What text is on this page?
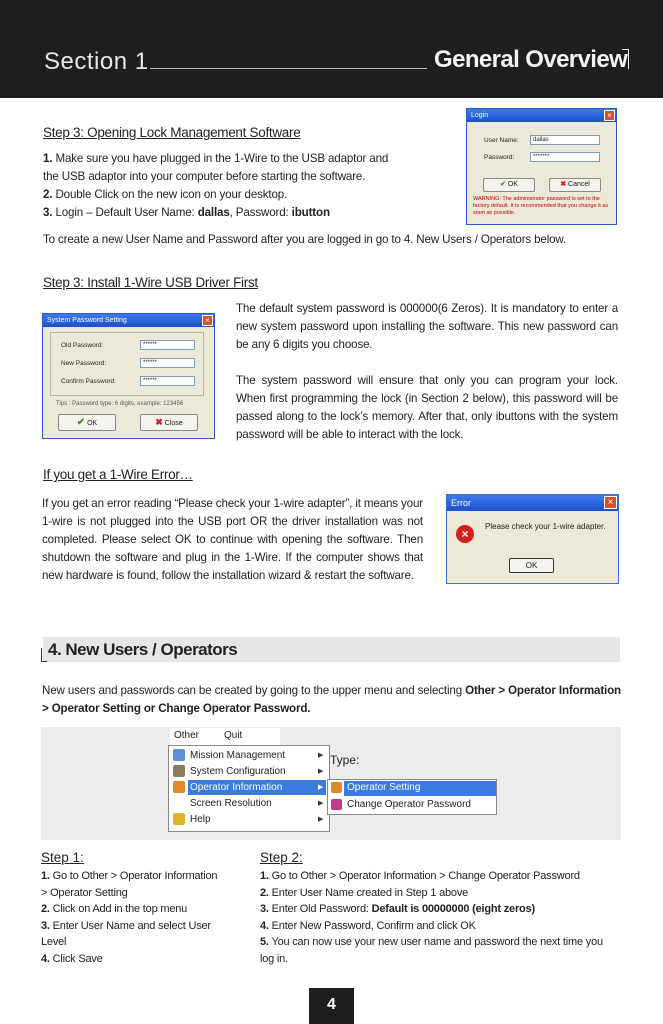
Section 1	General Overview
Step 3: Opening Lock Management Software
1. Make sure you have plugged in the 1-Wire to the USB adaptor and
the USB adaptor into your computer before starting the software.
2. Double Click on the new icon on your desktop.
3. Login – Default User Name: dallas, Password: ibutton
To create a new User Name and Password after you are logged in go to 4. New Users / Operators below.
Login	×
User Name:	dallas
Password:	*******
✔ OK	✖ Cancel
WARNING: The administrator password is set to the factory default. It is recommended that you change it as soon as possible.
Step 3: Install 1-Wire USB Driver First
The default system password is 000000(6 Zeros). It is mandatory to enter a new system password upon installing the software. This new password can be any 6 digits you choose.
The system password will ensure that only you can program your lock. When first programming the lock (in Section 2 below), this password will be passed along to the lock’s memory. After that, only ibuttons with the system password will be able to interact with the lock.
System Password Setting	×
Old Password:	******
New Password:	******
Confirm Password:	******
Tips : Password type: 6 digits, example: 123456
✔ OK	✖ Close
If you get a 1-Wire Error…
If you get an error reading “Please check your 1-wire adapter”, it means your 1-wire is not plugged into the USB port OR the driver installation was not completed. Please select OK to continue with opening the software. Then shutdown the software and plug in the 1-Wire. If the computer shows that new hardware is found, follow the installation wizard & restart the software.
Error	×
×
Please check your 1-wire adapter.
OK
4. New Users / Operators
New users and passwords can be created by going to the upper menu and selecting Other > Operator Information > Operator Setting or Change Operator Password.
Other Quit
Type:
Mission Management	▶
System Configuration	▶
Operator Information	▶
Screen Resolution	▶
Help	▶
Operator Setting
Change Operator Password
Step 1:
1. Go to Other > Operator Information
> Operator Setting
2. Click on Add in the top menu
3. Enter User Name and select User
Level
4. Click Save
Step 2:
1. Go to Other > Operator Information > Change Operator Password
2. Enter User Name created in Step 1 above
3. Enter Old Password: Default is 00000000 (eight zeros)
4. Enter New Password, Confirm and click OK
5. You can now use your new user name and password the next time you
log in.
4
